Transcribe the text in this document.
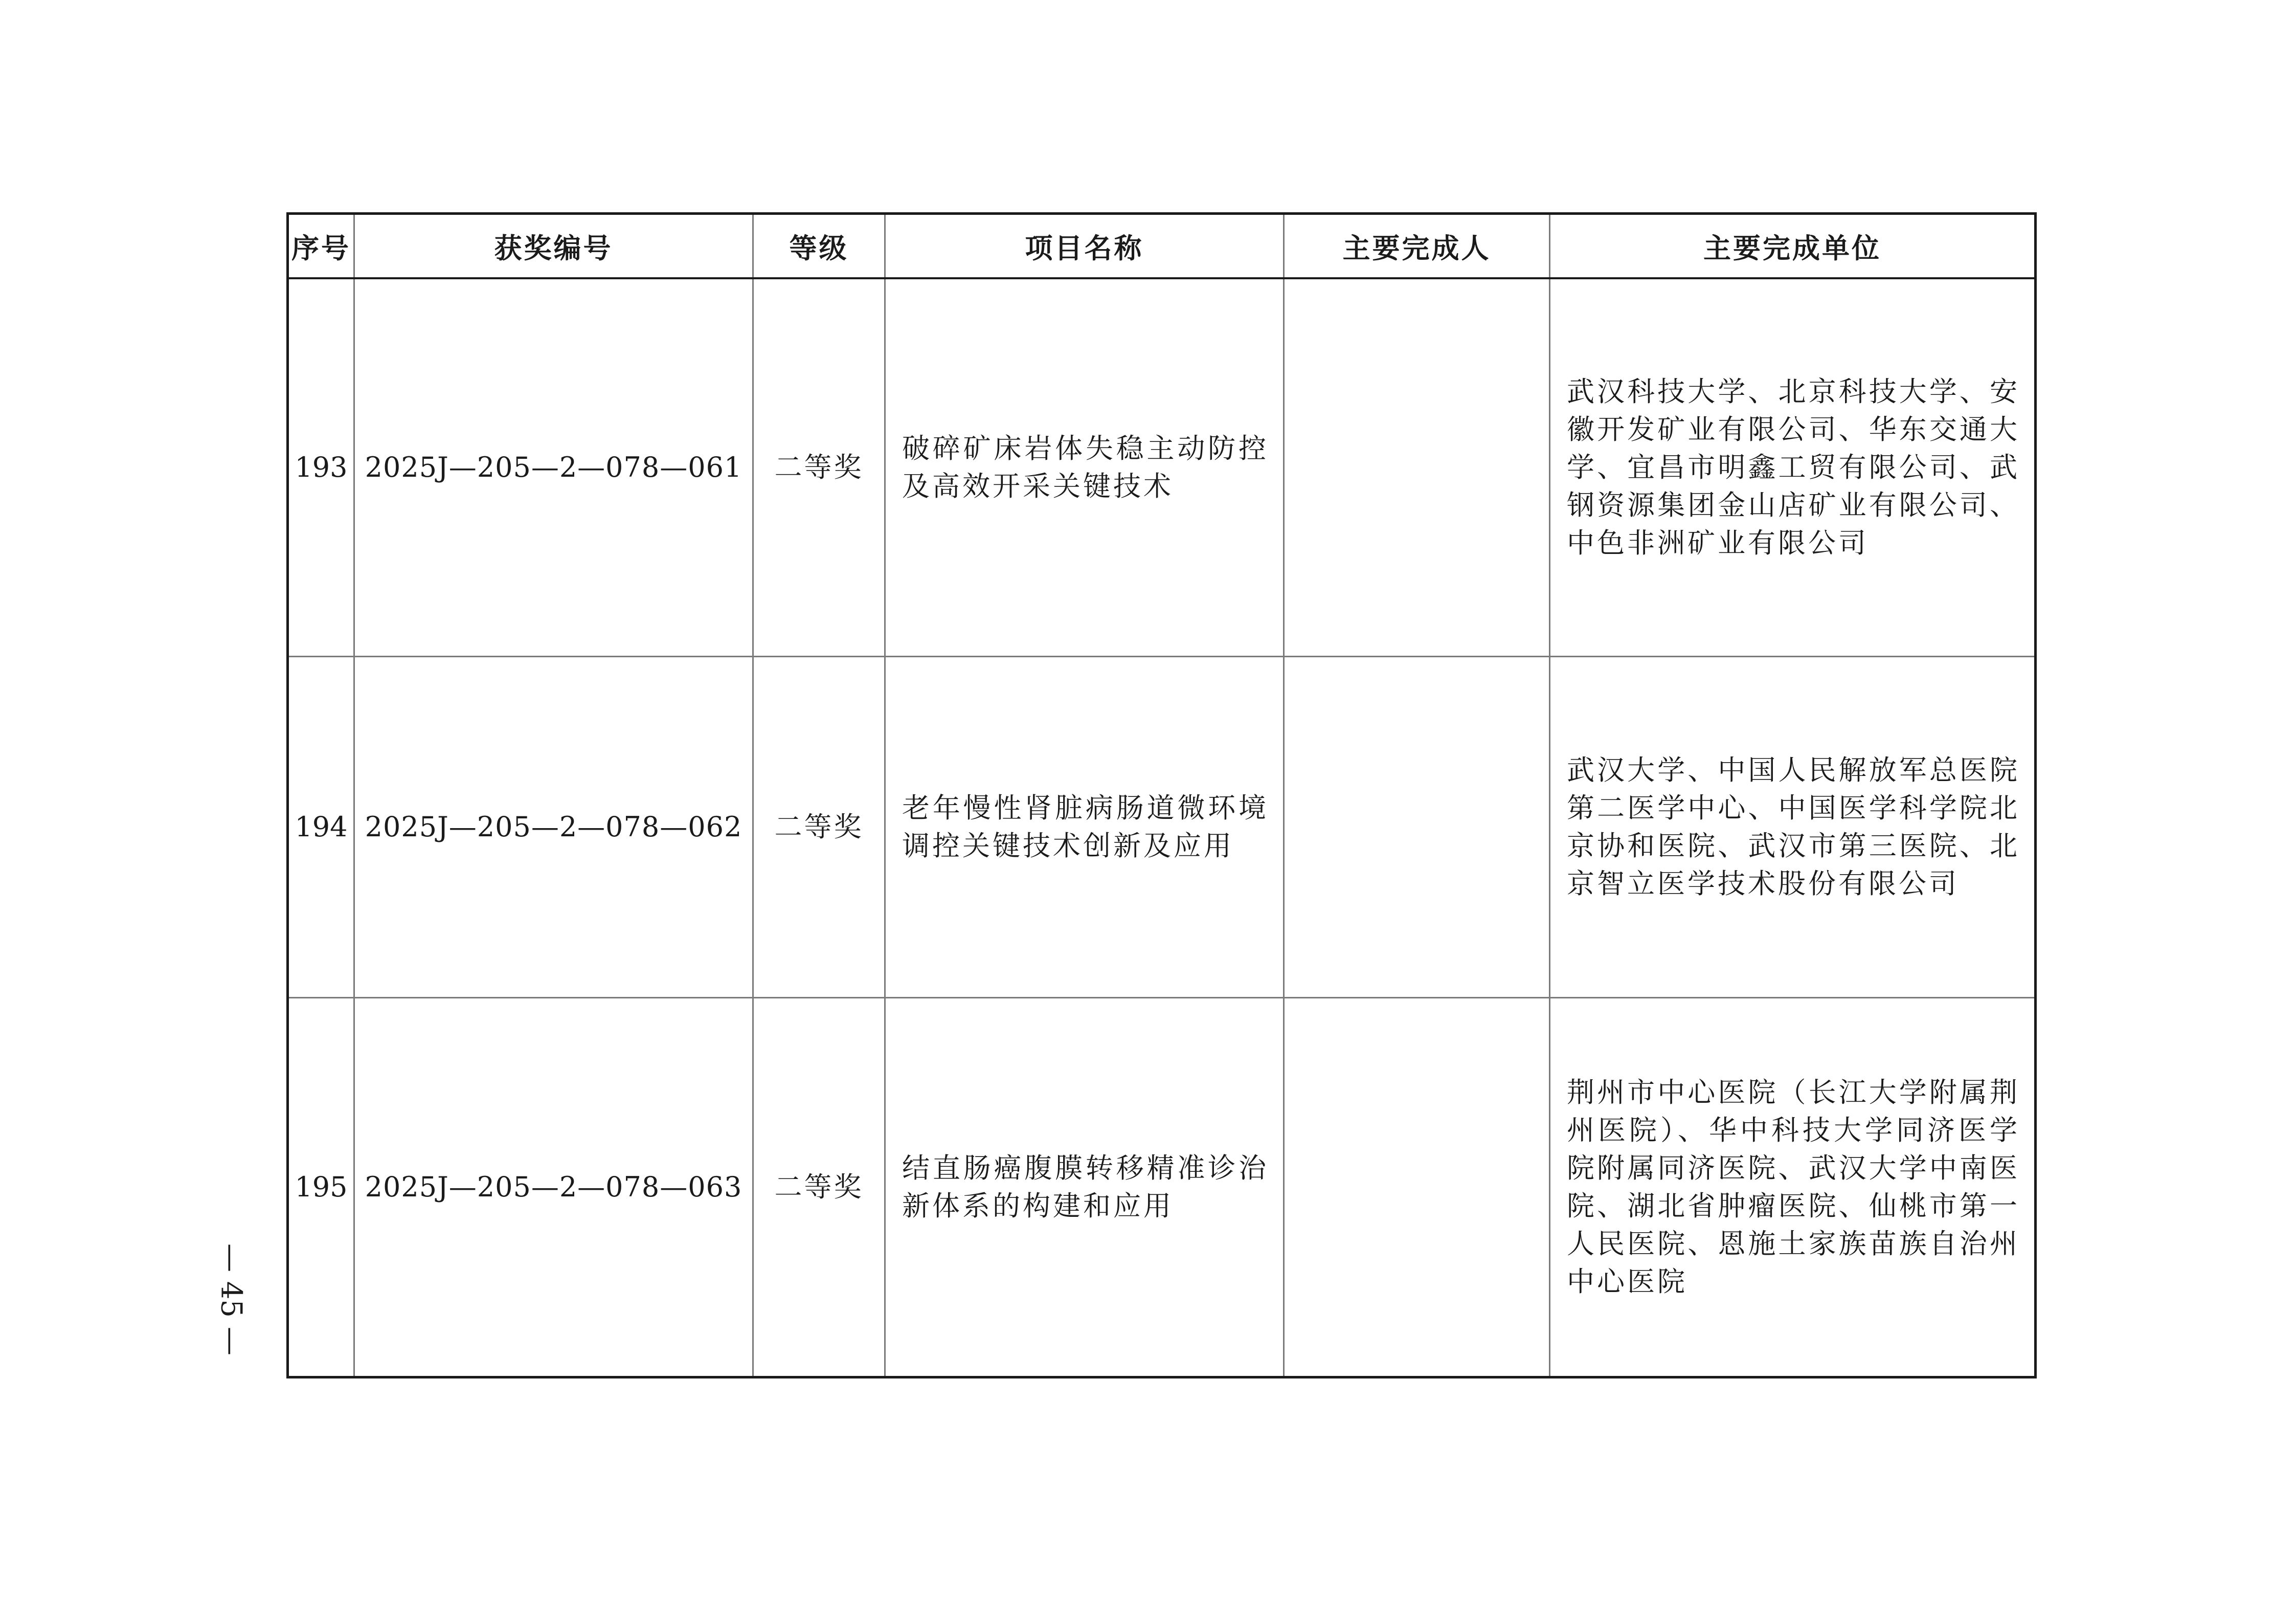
序号	获奖编号	等级	项目名称	主要完成人	主要完成单位
193	2025J—205—2—078—061	二等奖	破碎矿床岩体失稳主动防控及高效开采关键技术		武汉科技大学、北京科技大学、安徽开发矿业有限公司、华东交通大学、宜昌市明鑫工贸有限公司、武钢资源集团金山店矿业有限公司、中色非洲矿业有限公司

194	2025J—205—2—078—062	二等奖	老年慢性肾脏病肠道微环境调控关键技术创新及应用		武汉大学、中国人民解放军总医院第二医学中心、中国医学科学院北京协和医院、武汉市第三医院、北京智立医学技术股份有限公司

195	2025J—205—2—078—063	二等奖	结直肠癌腹膜转移精准诊治新体系的构建和应用		荆州市中心医院（长江大学附属荆州医院）、华中科技大学同济医学院附属同济医院、武汉大学中南医院、湖北省肿瘤医院、仙桃市第一人民医院、恩施土家族苗族自治州中心医院
— 45 —
